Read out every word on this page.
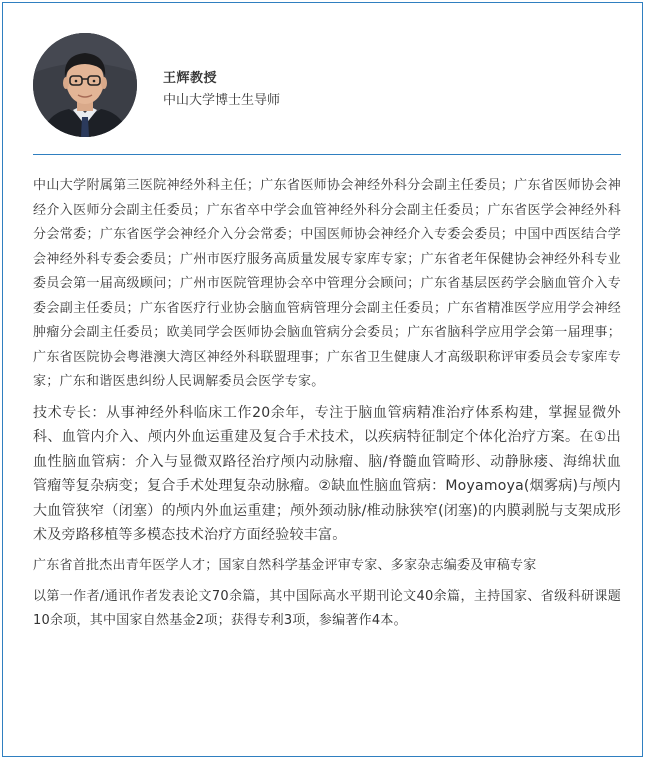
王辉教授
中山大学博士生导师

中山大学附属第三医院神经外科主任；广东省医师协会神经外科分会副主任委员；广东省医师协会神经介入医师分会副主任委员；广东省卒中学会血管神经外科分会副主任委员；广东省医学会神经外科分会常委；广东省医学会神经介入分会常委；中国医师协会神经介入专委会委员；中国中西医结合学会神经外科专委会委员；广州市医疗服务高质量发展专家库专家；广东省老年保健协会神经外科专业委员会第一届高级顾问；广州市医院管理协会卒中管理分会顾问；广东省基层医药学会脑血管介入专委会副主任委员；广东省医疗行业协会脑血管病管理分会副主任委员；广东省精准医学应用学会神经肿瘤分会副主任委员；欧美同学会医师协会脑血管病分会委员；广东省脑科学应用学会第一届理事；广东省医院协会粤港澳大湾区神经外科联盟理事；广东省卫生健康人才高级职称评审委员会专家库专家；广东和谐医患纠纷人民调解委员会医学专家。

技术专长：从事神经外科临床工作20余年，专注于脑血管病精准治疗体系构建，掌握显微外科、血管内介入、颅内外血运重建及复合手术技术，以疾病特征制定个体化治疗方案。在①出血性脑血管病：介入与显微双路径治疗颅内动脉瘤、脑/脊髓血管畸形、动静脉瘘、海绵状血管瘤等复杂病变；复合手术处理复杂动脉瘤。②缺血性脑血管病：Moyamoya(烟雾病)与颅内大血管狭窄（闭塞）的颅内外血运重建；颅外颈动脉/椎动脉狭窄(闭塞)的内膜剥脱与支架成形术及旁路移植等多模态技术治疗方面经验较丰富。

广东省首批杰出青年医学人才；国家自然科学基金评审专家、多家杂志编委及审稿专家

以第一作者/通讯作者发表论文70余篇，其中国际高水平期刊论文40余篇，主持国家、省级科研课题10余项，其中国家自然基金2项；获得专利3项，参编著作4本。
